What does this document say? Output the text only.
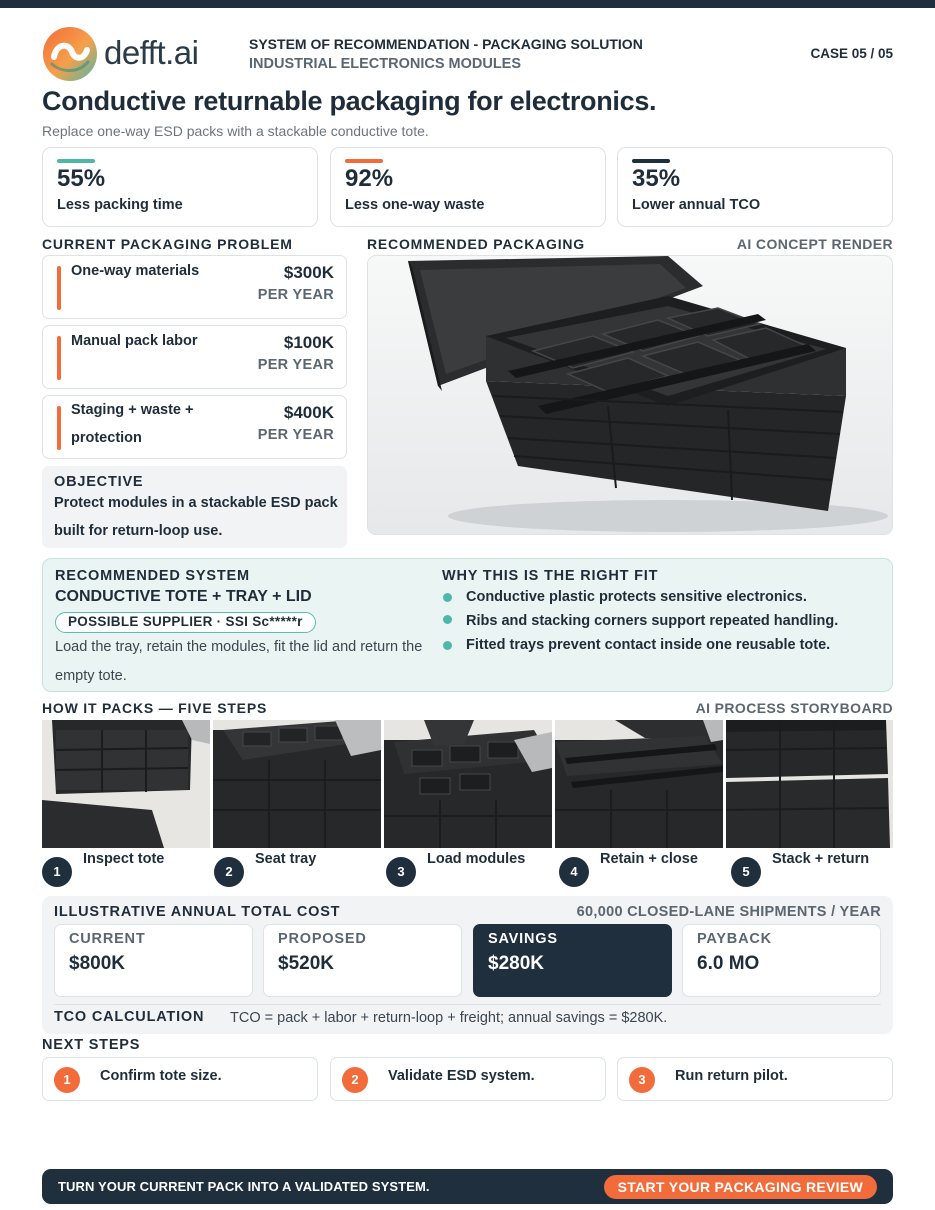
defft.ai	SYSTEM OF RECOMMENDATION - PACKAGING SOLUTION
INDUSTRIAL ELECTRONICS MODULES
CASE 05 / 05
Conductive returnable packaging for electronics.
Replace one-way ESD packs with a stackable conductive tote.
55%
Less packing time
92%
Less one-way waste
35%
Lower annual TCO
CURRENT PACKAGING PROBLEM
One-way materials	$300K
PER YEAR
Manual pack labor	$100K
PER YEAR
Staging + waste + protection
$400K
PER YEAR
OBJECTIVE
Protect modules in a stackable ESD pack built for return-loop use.
RECOMMENDED PACKAGING	AI CONCEPT RENDER
RECOMMENDED SYSTEM
CONDUCTIVE TOTE + TRAY + LID
POSSIBLE SUPPLIER · SSI Sc*****r
Load the tray, retain the modules, fit the lid and return the empty tote.
WHY THIS IS THE RIGHT FIT
Conductive plastic protects sensitive electronics.
Ribs and stacking corners support repeated handling.
Fitted trays prevent contact inside one reusable tote.
HOW IT PACKS — FIVE STEPS	AI PROCESS STORYBOARD
1
Inspect tote
2
Seat tray
3
Load modules
4
Retain + close
5
Stack + return
ILLUSTRATIVE ANNUAL TOTAL COST	60,000 CLOSED-LANE SHIPMENTS / YEAR
CURRENT
$800K
PROPOSED
$520K
SAVINGS
$280K
PAYBACK
6.0 MO
TCO CALCULATION TCO = pack + labor + return-loop + freight; annual savings = $280K.
NEXT STEPS
1	Confirm tote size.	2	Validate ESD system.	3	Run return pilot.
TURN YOUR CURRENT PACK INTO A VALIDATED SYSTEM.	START YOUR PACKAGING REVIEW
